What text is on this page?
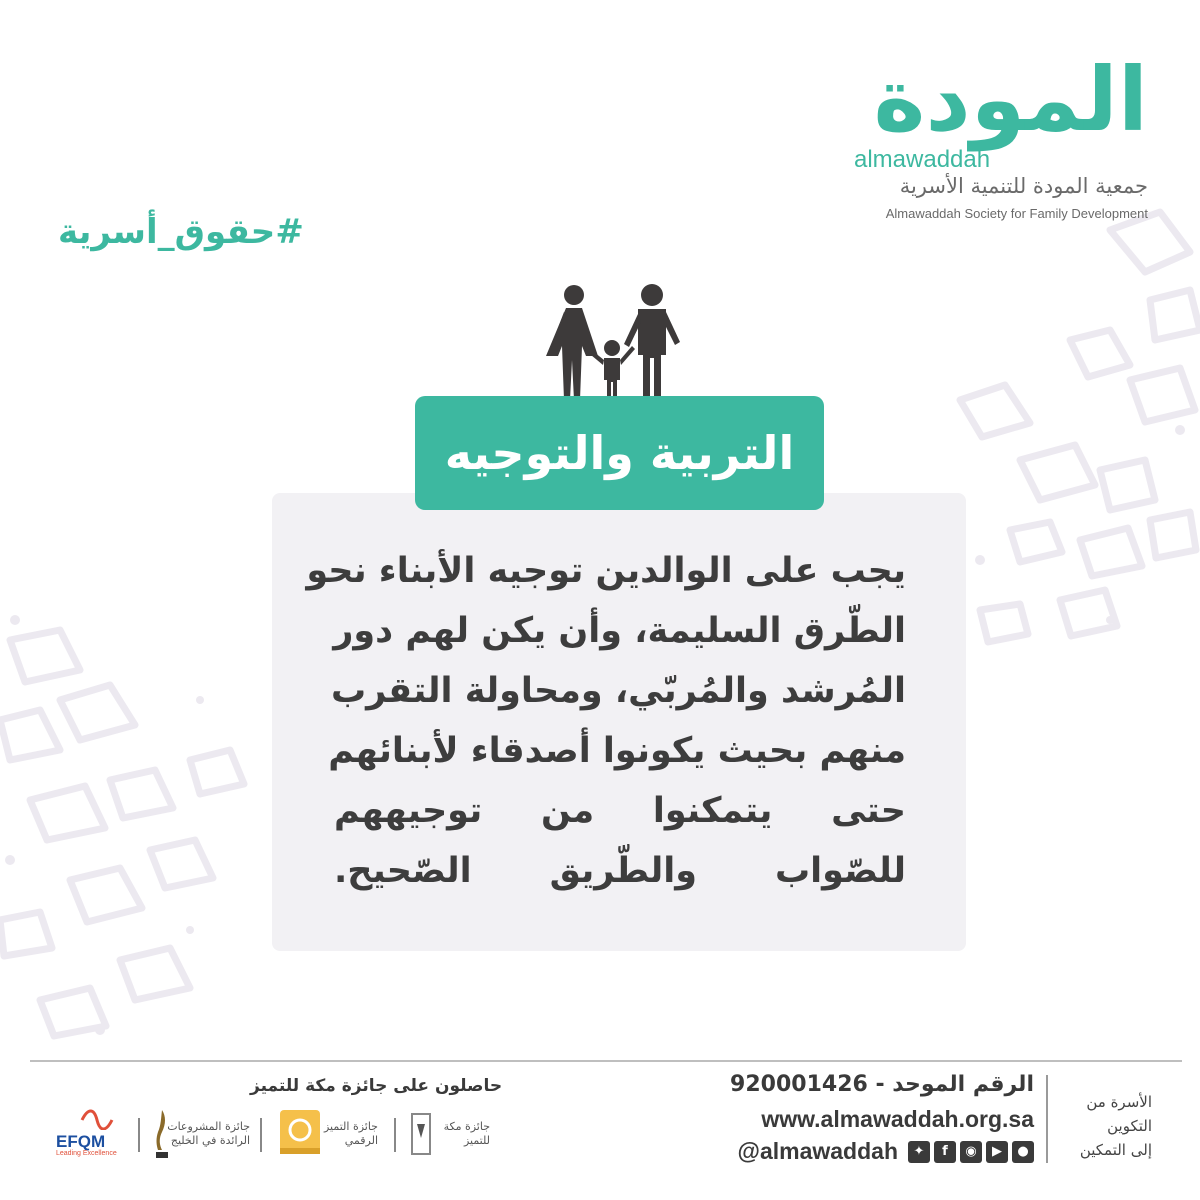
المودة
almawaddah
جمعية المودة للتنمية الأسرية
Almawaddah Society for Family Development
#حقوق_أسرية
التربية والتوجيه
يجب على الوالدين توجيه الأبناء نحو
الطّرق السليمة، وأن يكن لهم دور
المُرشد والمُربّي، ومحاولة التقرب
منهم بحيث يكونوا أصدقاء لأبنائهم
حتى يتمكنوا من توجيههم
للصّواب والطّريق الصّحيح.
الأسرة من
التكوين
إلى التمكين
الرقم الموحد - 920001426
www.almawaddah.org.sa
●
▶
◉
f
✦
@almawaddah
حاصلون على جائزة مكة للتميز
جائزة مكة
للتميز
جائزة التميز
الرقمي
جائزة المشروعات
الرائدة في الخليج
EFQM
Leading Excellence
